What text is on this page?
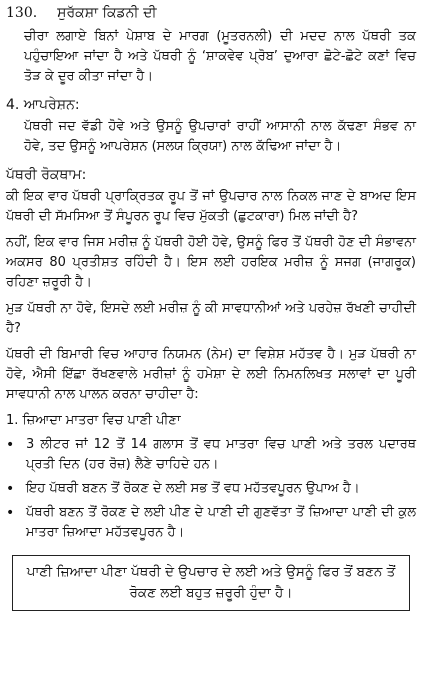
130. ਸੁਰੱਕਸ਼ਾ ਕਿਡਨੀ ਦੀ

ਚੀਰਾ ਲਗਾਏ ਬਿਨਾਂ ਪੇਸ਼ਾਬ ਦੇ ਮਾਰਗ (ਮੂਤਰਨਲੀ) ਦੀ ਮਦਦ ਨਾਲ ਪੱਥਰੀ ਤਕ ਪਹੁੰਚਾਇਆ ਜਾਂਦਾ ਹੈ ਅਤੇ ਪੱਥਰੀ ਨੂੰ ‘ਸ਼ਾਕਵੇਵ ਪ੍ਰੋਬ’ ਦੁਆਰਾ ਛੋਟੇ-ਛੋਟੇ ਕਣਾਂ ਵਿਚ ਤੋੜ ਕੇ ਦੂਰ ਕੀਤਾ ਜਾਂਦਾ ਹੈ।

4. ਆਪਰੇਸ਼ਨ:

ਪੱਥਰੀ ਜਦ ਵੱਡੀ ਹੋਵੇ ਅਤੇ ਉਸਨੂੰ ਉਪਚਾਰਾਂ ਰਾਹੀਂ ਆਸਾਨੀ ਨਾਲ ਕੱਢਣਾ ਸੰਭਵ ਨਾ ਹੋਵੇ, ਤਦ ਉਸਨੂੰ ਆਪਰੇਸ਼ਨ (ਸਲਯ ਕ੍ਰਿਯਾ) ਨਾਲ ਕੱਢਿਆ ਜਾਂਦਾ ਹੈ।

ਪੱਥਰੀ ਰੋਕਥਾਮ:

ਕੀ ਇਕ ਵਾਰ ਪੱਥਰੀ ਪ੍ਰਾਕ੍ਰਿਤਕ ਰੂਪ ਤੋਂ ਜਾਂ ਉਪਚਾਰ ਨਾਲ ਨਿਕਲ ਜਾਣ ਦੇ ਬਾਅਦ ਇਸ ਪੱਥਰੀ ਦੀ ਸੱਮਸਿਆ ਤੋਂ ਸੰਪੂਰਨ ਰੂਪ ਵਿਚ ਮੁੱਕਤੀ (ਛੁਟਕਾਰਾ) ਮਿਲ ਜਾਂਦੀ ਹੈ?

ਨਹੀਂ, ਇਕ ਵਾਰ ਜਿਸ ਮਰੀਜ਼ ਨੂੰ ਪੱਥਰੀ ਹੋਈ ਹੋਵੇ, ਉਸਨੂੰ ਫਿਰ ਤੋਂ ਪੱਥਰੀ ਹੋਣ ਦੀ ਸੰਭਾਵਨਾ ਅਕਸਰ 80 ਪ੍ਰਤੀਸ਼ਤ ਰਹਿੰਦੀ ਹੈ। ਇਸ ਲਈ ਹਰਇਕ ਮਰੀਜ਼ ਨੂੰ ਸਜਗ (ਜਾਗਰੂਕ) ਰਹਿਣਾ ਜ਼ਰੂਰੀ ਹੈ।

ਮੁੜ ਪੱਥਰੀ ਨਾ ਹੋਵੇ, ਇਸਦੇ ਲਈ ਮਰੀਜ਼ ਨੂੰ ਕੀ ਸਾਵਧਾਨੀਆਂ ਅਤੇ ਪਰਹੇਜ਼ ਰੱਖਣੀ ਚਾਹੀਦੀ ਹੈ?

ਪੱਥਰੀ ਦੀ ਬਿਮਾਰੀ ਵਿਚ ਆਹਾਰ ਨਿਯਮਨ (ਨੇਮ) ਦਾ ਵਿਸ਼ੇਸ਼ ਮਹੱਤਵ ਹੈ। ਮੁੜ ਪੱਥਰੀ ਨਾ ਹੋਵੇ, ਐਸੀ ਇੱਛਾ ਰੱਖਣਵਾਲੇ ਮਰੀਜ਼ਾਂ ਨੂੰ ਹਮੇਸ਼ਾ ਦੇ ਲਈ ਨਿਮਨਲਿਖਤ ਸਲਾਵਾਂ ਦਾ ਪੂਰੀ ਸਾਵਧਾਨੀ ਨਾਲ ਪਾਲਨ ਕਰਨਾ ਚਾਹੀਦਾ ਹੈ:

1. ਜ਼ਿਆਦਾ ਮਾਤਰਾ ਵਿਚ ਪਾਣੀ ਪੀਣਾ
• 3 ਲੀਟਰ ਜਾਂ 12 ਤੋਂ 14 ਗਲਾਸ ਤੋਂ ਵਧ ਮਾਤਰਾ ਵਿਚ ਪਾਣੀ ਅਤੇ ਤਰਲ ਪਦਾਰਥ ਪ੍ਰਤੀ ਦਿਨ (ਹਰ ਰੋਜ਼) ਲੈਣੇ ਚਾਹਿਦੇ ਹਨ।
• ਇਹ ਪੱਥਰੀ ਬਣਨ ਤੋਂ ਰੋਕਣ ਦੇ ਲਈ ਸਭ ਤੋਂ ਵਧ ਮਹੱਤਵਪੂਰਨ ਉਪਾਅ ਹੈ।
• ਪੱਥਰੀ ਬਣਨ ਤੋਂ ਰੋਕਣ ਦੇ ਲਈ ਪੀਣ ਦੇ ਪਾਣੀ ਦੀ ਗੁਣਵੱਤਾ ਤੋਂ ਜ਼ਿਆਦਾ ਪਾਣੀ ਦੀ ਕੁਲ ਮਾਤਰਾ ਜ਼ਿਆਦਾ ਮਹੱਤਵਪੂਰਨ ਹੈ।
ਪਾਣੀ ਜ਼ਿਆਦਾ ਪੀਣਾ ਪੱਥਰੀ ਦੇ ਉਪਚਾਰ ਦੇ ਲਈ ਅਤੇ ਉਸਨੂੰ ਫਿਰ ਤੋਂ ਬਣਨ ਤੋਂ ਰੋਕਣ ਲਈ ਬਹੁਤ ਜ਼ਰੂਰੀ ਹੁੰਦਾ ਹੈ।
